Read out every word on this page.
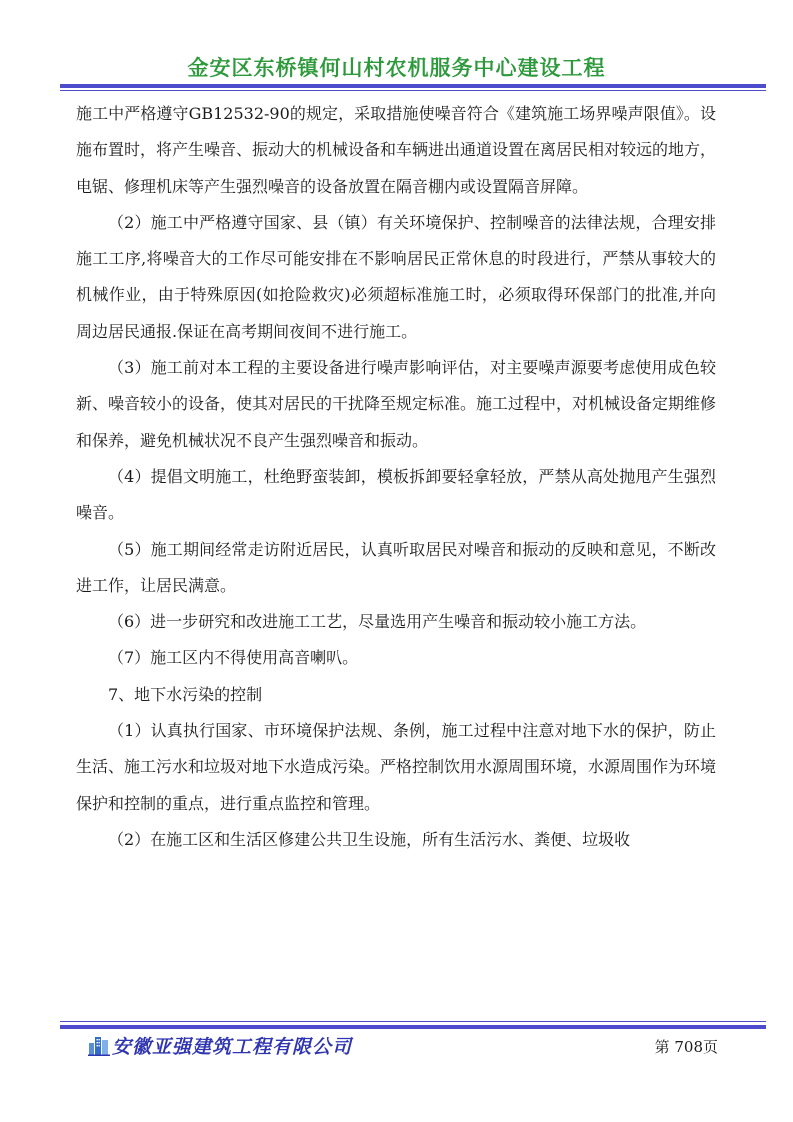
金安区东桥镇何山村农机服务中心建设工程

施工中严格遵守GB12532-90的规定，采取措施使噪音符合《建筑施工场界噪声限值》。设施布置时，将产生噪音、振动大的机械设备和车辆进出通道设置在离居民相对较远的地方，电锯、修理机床等产生强烈噪音的设备放置在隔音棚内或设置隔音屏障。

（2）施工中严格遵守国家、县（镇）有关环境保护、控制噪音的法律法规，合理安排施工工序,将噪音大的工作尽可能安排在不影响居民正常休息的时段进行，严禁从事较大的机械作业，由于特殊原因(如抢险救灾)必须超标准施工时，必须取得环保部门的批准,并向周边居民通报.保证在高考期间夜间不进行施工。

（3）施工前对本工程的主要设备进行噪声影响评估，对主要噪声源要考虑使用成色较新、噪音较小的设备，使其对居民的干扰降至规定标准。施工过程中，对机械设备定期维修和保养，避免机械状况不良产生强烈噪音和振动。

（4）提倡文明施工，杜绝野蛮装卸，模板拆卸要轻拿轻放，严禁从高处抛甩产生强烈噪音。

（5）施工期间经常走访附近居民，认真听取居民对噪音和振动的反映和意见，不断改进工作，让居民满意。

（6）进一步研究和改进施工工艺，尽量选用产生噪音和振动较小施工方法。

（7）施工区内不得使用高音喇叭。

7、地下水污染的控制

（1）认真执行国家、市环境保护法规、条例，施工过程中注意对地下水的保护，防止生活、施工污水和垃圾对地下水造成污染。严格控制饮用水源周围环境，水源周围作为环境保护和控制的重点，进行重点监控和管理。

（2）在施工区和生活区修建公共卫生设施，所有生活污水、粪便、垃圾收

安徽亚强建筑工程有限公司	第 708页
